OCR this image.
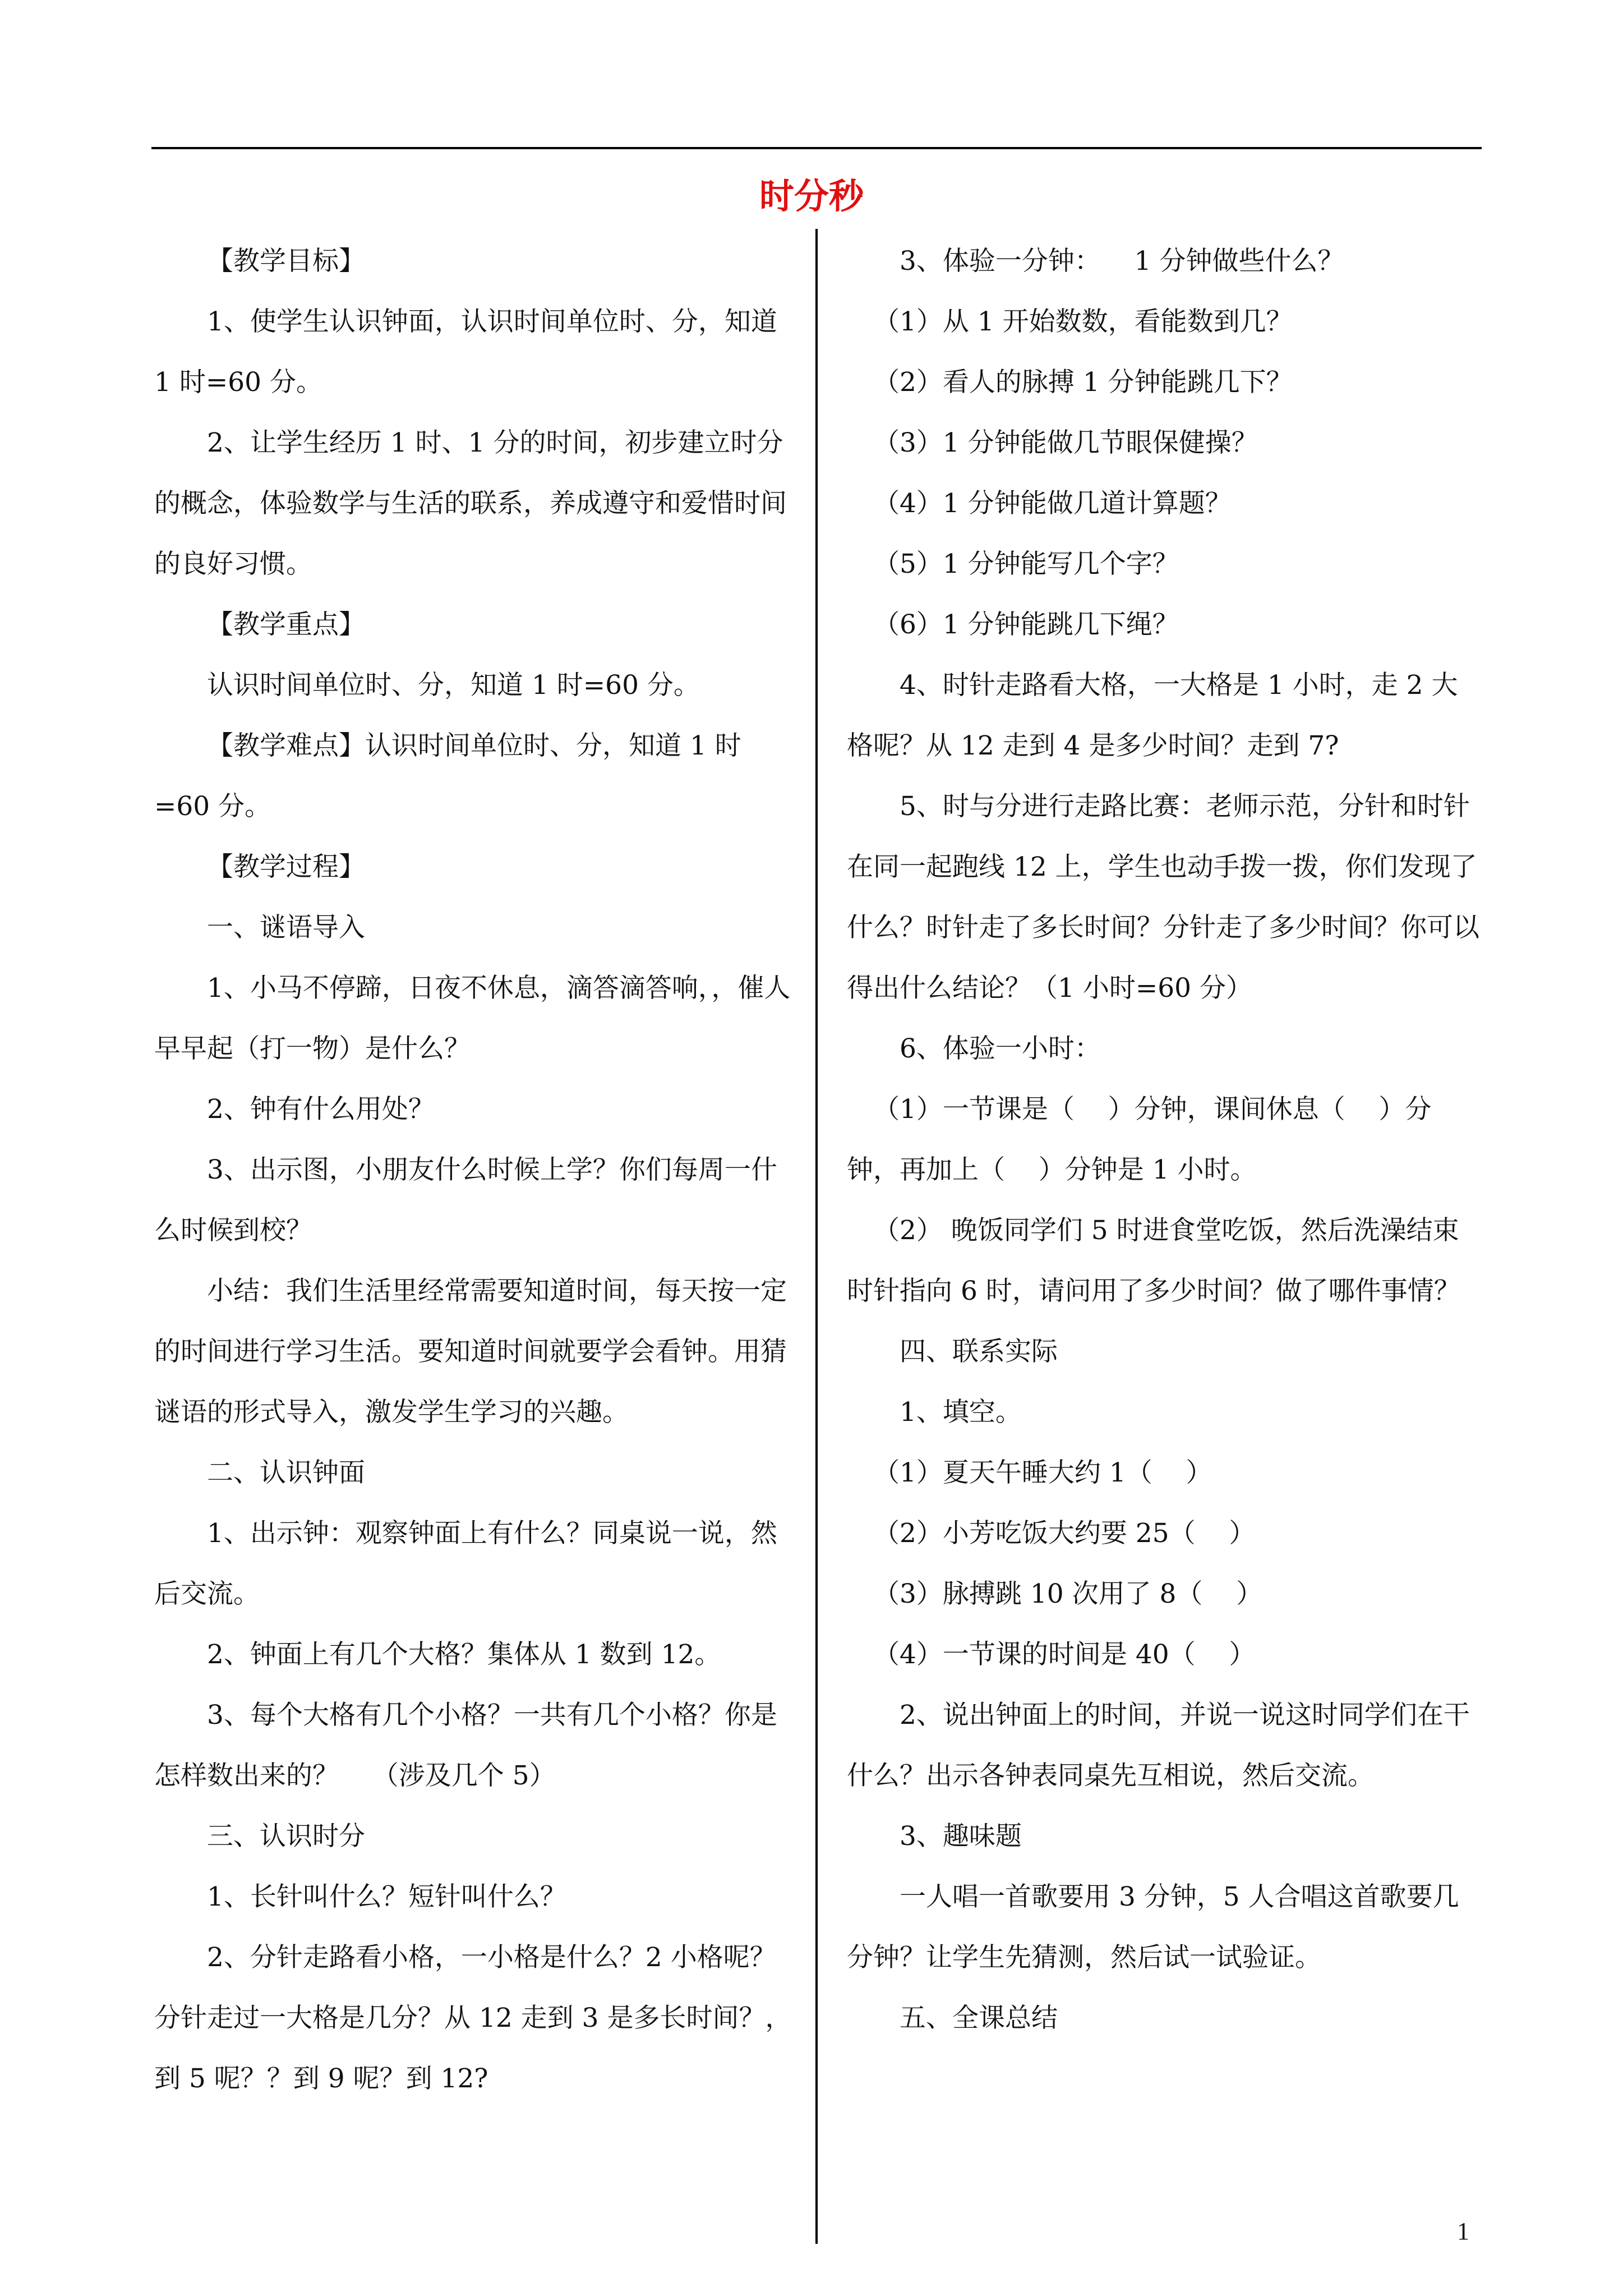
时分秒

【教学目标】

1、使学生认识钟面，认识时间单位时、分，知道 1 时=60 分。

2、让学生经历 1 时、1 分的时间，初步建立时分的概念，体验数学与生活的联系，养成遵守和爱惜时间的良好习惯。

【教学重点】

认识时间单位时、分，知道 1 时=60 分。

【教学难点】认识时间单位时、分，知道 1 时=60 分。

【教学过程】

一、谜语导入

1、小马不停蹄，日夜不休息，滴答滴答响，，催人早早起（打一物）是什么？

2、钟有什么用处？

3、出示图，小朋友什么时候上学？你们每周一什么时候到校？

小结：我们生活里经常需要知道时间，每天按一定的时间进行学习生活。要知道时间就要学会看钟。用猜谜语的形式导入，激发学生学习的兴趣。

二、认识钟面

1、出示钟：观察钟面上有什么？同桌说一说，然后交流。

2、钟面上有几个大格？集体从 1 数到 12。

3、每个大格有几个小格？一共有几个小格？你是怎样数出来的？    （涉及几个 5）

三、认识时分

1、长针叫什么？短针叫什么？

2、分针走路看小格，一小格是什么？2 小格呢？分针走过一大格是几分？从 12 走到 3 是多长时间？，到 5 呢？？到 9 呢？到 12?

3、体验一分钟：    1 分钟做些什么？

（1）从 1 开始数数，看能数到几？

（2）看人的脉搏 1 分钟能跳几下？

（3）1 分钟能做几节眼保健操？

（4）1 分钟能做几道计算题？

（5）1 分钟能写几个字？

（6）1 分钟能跳几下绳？

4、时针走路看大格，一大格是 1 小时，走 2 大格呢？从 12 走到 4 是多少时间？走到 7?

5、时与分进行走路比赛：老师示范，分针和时针在同一起跑线 12 上，学生也动手拨一拨，你们发现了什么？时针走了多长时间？分针走了多少时间？你可以得出什么结论？（1 小时=60 分）

6、体验一小时：

（1）一节课是（    ）分钟，课间休息（    ）分钟，再加上（    ）分钟是 1 小时。

（2） 晚饭同学们 5 时进食堂吃饭，然后洗澡结束时针指向 6 时，请问用了多少时间？做了哪件事情？

四、联系实际

1、填空。

（1）夏天午睡大约 1（    ）

（2）小芳吃饭大约要 25（    ）

（3）脉搏跳 10 次用了 8（    ）

（4）一节课的时间是 40（    ）

2、说出钟面上的时间，并说一说这时同学们在干什么？出示各钟表同桌先互相说，然后交流。

3、趣味题

一人唱一首歌要用 3 分钟，5 人合唱这首歌要几分钟？让学生先猜测，然后试一试验证。

五、全课总结

1
